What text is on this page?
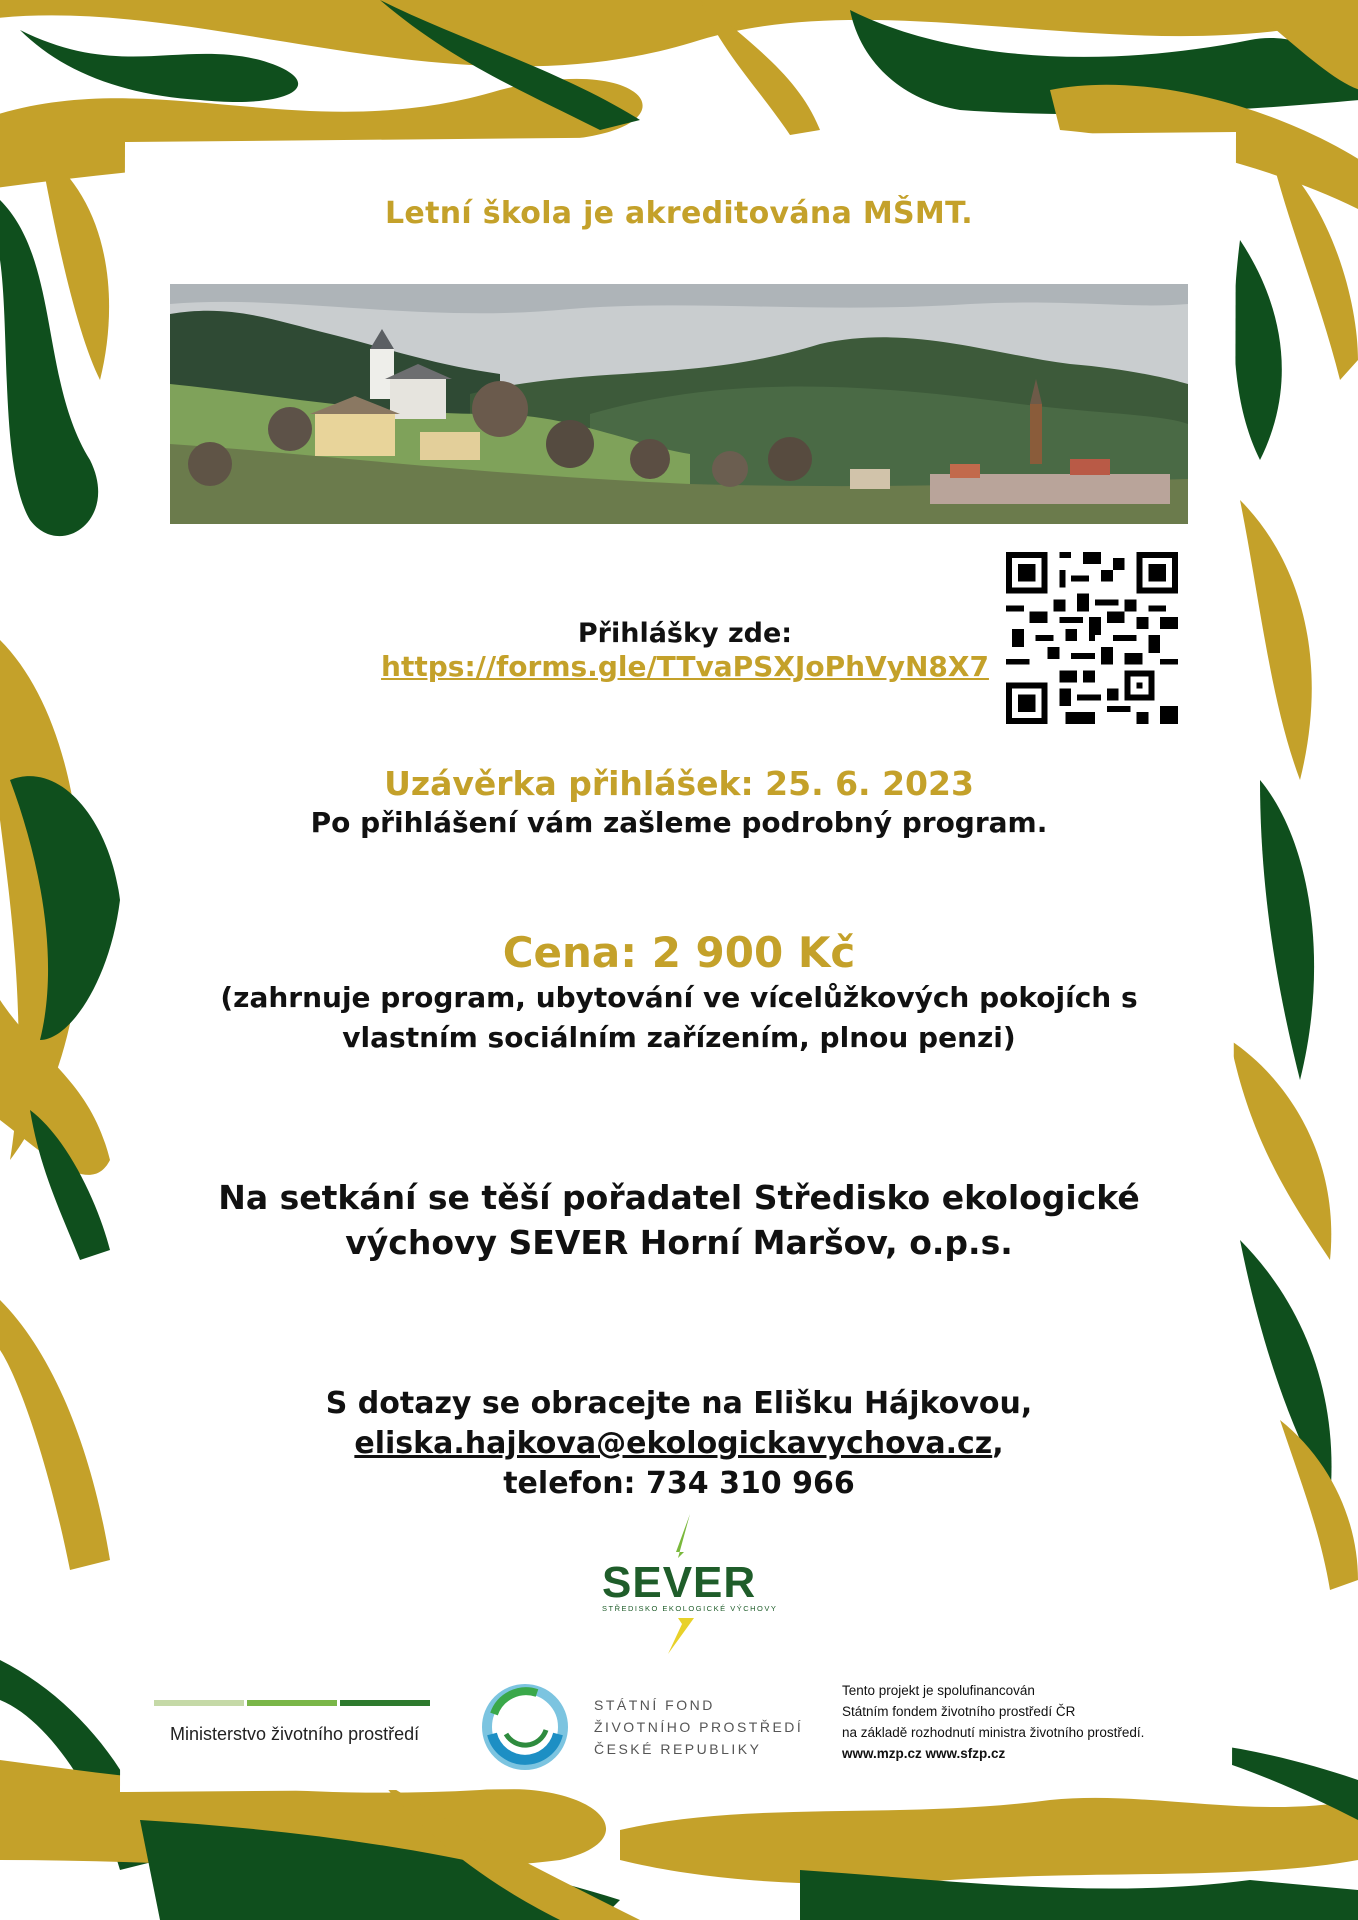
Letní škola je akreditována MŠMT.
Přihlášky zde:
https://forms.gle/TTvaPSXJoPhVyN8X7
Uzávěrka přihlášek: 25. 6. 2023
Po přihlášení vám zašleme podrobný program.
Cena: 2 900 Kč
(zahrnuje program, ubytování ve vícelůžkových pokojích s
vlastním sociálním zařízením, plnou penzi)
Na setkání se těší pořadatel Středisko ekologické
výchovy SEVER Horní Maršov, o.p.s.
S dotazy se obracejte na Elišku Hájkovou,
eliska.hajkova@ekologickavychova.cz,
telefon: 734 310 966
SEVER
STŘEDISKO EKOLOGICKÉ VÝCHOVY
Ministerstvo životního prostředí
STÁTNÍ FOND
ŽIVOTNÍHO PROSTŘEDÍ
ČESKÉ REPUBLIKY
Tento projekt je spolufinancován
Státním fondem životního prostředí ČR
na základě rozhodnutí ministra životního prostředí.
www.mzp.cz www.sfzp.cz
